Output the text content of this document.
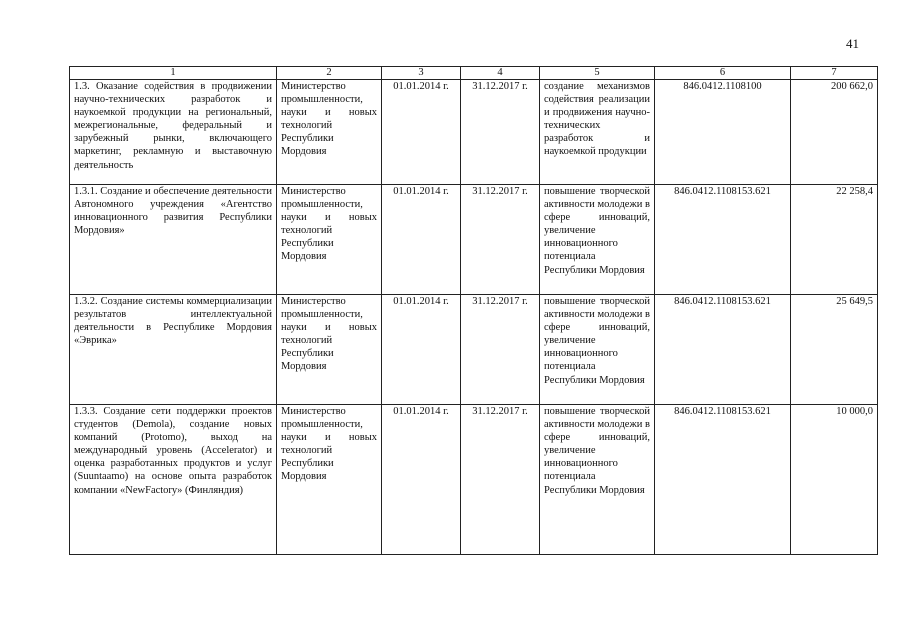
41
1	2	3	4	5	6	7
1.3. Оказание содействия в продвижении научно-технических разработок и наукоемкой продукции на региональный, межрегиональные, федеральный и зарубежный рынки, включающего маркетинг, рекламную и выставочную деятельность	Министерство промышленности, науки и новых технологий Республики Мордовия	01.01.2014 г.	31.12.2017 г.	создание механизмов содействия реализации и продвижения научно-технических разработок и наукоемкой продукции	846.0412.1108100	200 662,0
1.3.1. Создание и обеспечение деятельности Автономного учреждения «Агентство инновационного развития Республики Мордовия»	Министерство промышленности, науки и новых технологий Республики Мордовия	01.01.2014 г.	31.12.2017 г.	повышение творческой активности молодежи в сфере инноваций, увеличение инновационного потенциала Республики Мордовия	846.0412.1108153.621	22 258,4
1.3.2. Создание системы коммерциализации результатов интеллектуальной деятельности в Республике Мордовия «Эврика»	Министерство промышленности, науки и новых технологий Республики Мордовия	01.01.2014 г.	31.12.2017 г.	повышение творческой активности молодежи в сфере инноваций, увеличение инновационного потенциала Республики Мордовия	846.0412.1108153.621	25 649,5
1.3.3. Создание сети поддержки проектов студентов (Demola), создание новых компаний (Protomo), выход на международный уровень (Accelerator) и оценка разработанных продуктов и услуг (Suuntaamo) на основе опыта разработок компании «NewFactory» (Финляндия)	Министерство промышленности, науки и новых технологий Республики Мордовия	01.01.2014 г.	31.12.2017 г.	повышение творческой активности молодежи в сфере инноваций, увеличение инновационного потенциала Республики Мордовия	846.0412.1108153.621	10 000,0
